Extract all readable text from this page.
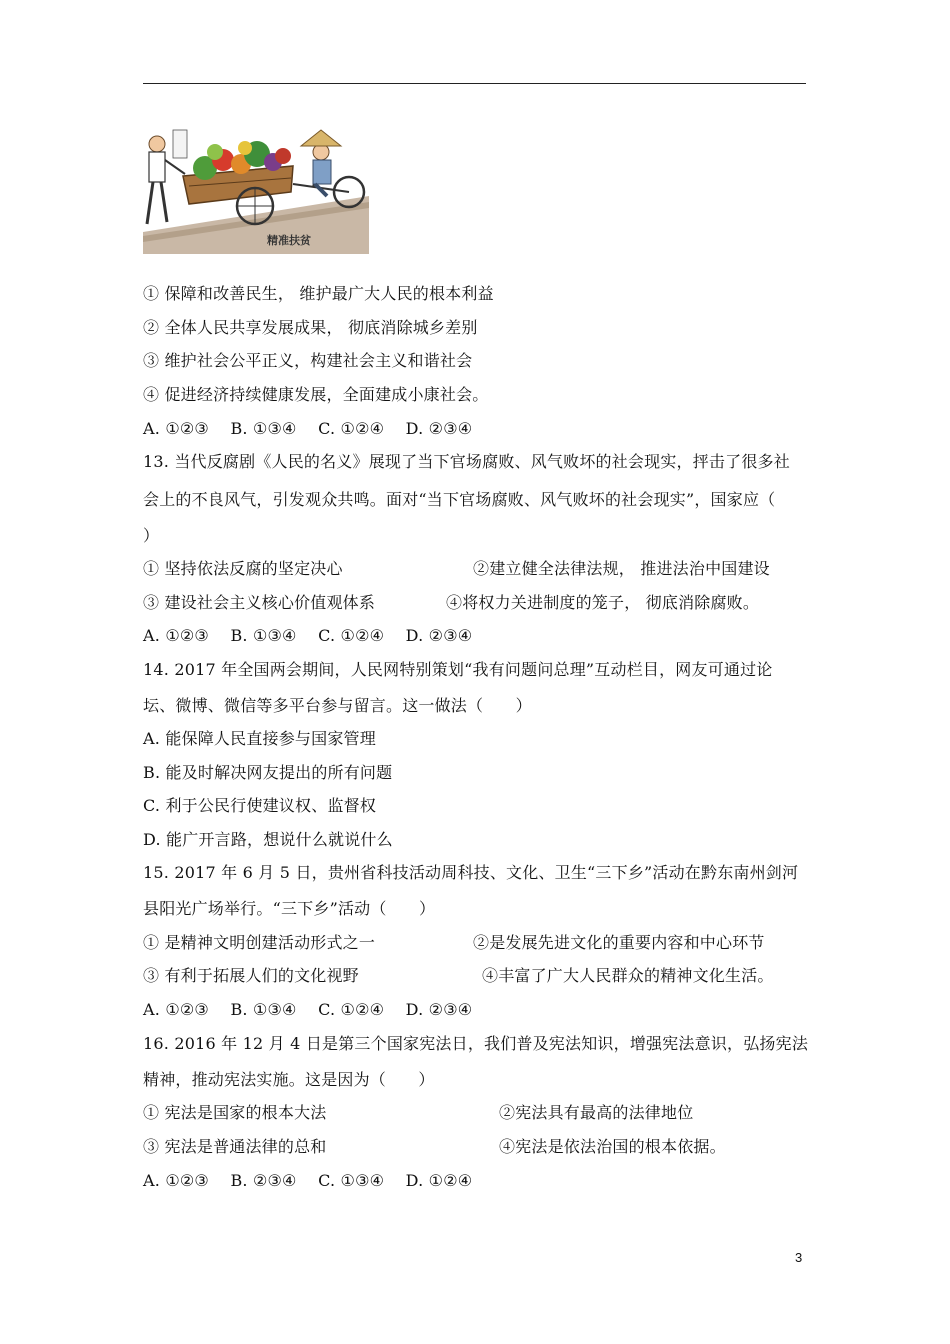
精准扶贫
① 保障和改善民生， 维护最广大人民的根本利益
② 全体人民共享发展成果， 彻底消除城乡差别
③ 维护社会公平正义，构建社会主义和谐社会
④ 促进经济持续健康发展，全面建成小康社会。
A. ①②③　 B. ①③④　 C. ①②④　 D. ②③④
13. 当代反腐剧《人民的名义》展现了当下官场腐败、风气败坏的社会现实，抨击了很多社
会上的不良风气，引发观众共鸣。面对“当下官场腐败、风气败坏的社会现实”，国家应（
）
① 坚持依法反腐的坚定决心	②建立健全法律法规， 推进法治中国建设
③ 建设社会主义核心价值观体系	④将权力关进制度的笼子， 彻底消除腐败。
A. ①②③　 B. ①③④　 C. ①②④　 D. ②③④
14. 2017 年全国两会期间，人民网特别策划“我有问题问总理”互动栏目，网友可通过论
坛、微博、微信等多平台参与留言。这一做法（　　）
A. 能保障人民直接参与国家管理
B. 能及时解决网友提出的所有问题
C. 利于公民行使建议权、监督权
D. 能广开言路，想说什么就说什么
15. 2017 年 6 月 5 日，贵州省科技活动周科技、文化、卫生“三下乡”活动在黔东南州剑河
县阳光广场举行。“三下乡”活动（　　）
① 是精神文明创建活动形式之一	②是发展先进文化的重要内容和中心环节
③ 有利于拓展人们的文化视野	④丰富了广大人民群众的精神文化生活。
A. ①②③　 B. ①③④　 C. ①②④　 D. ②③④
16. 2016 年 12 月 4 日是第三个国家宪法日，我们普及宪法知识，增强宪法意识，弘扬宪法
精神，推动宪法实施。这是因为（　　）
① 宪法是国家的根本大法	②宪法具有最高的法律地位
③ 宪法是普通法律的总和	④宪法是依法治国的根本依据。
A. ①②③　 B. ②③④　 C. ①③④　 D. ①②④
3
